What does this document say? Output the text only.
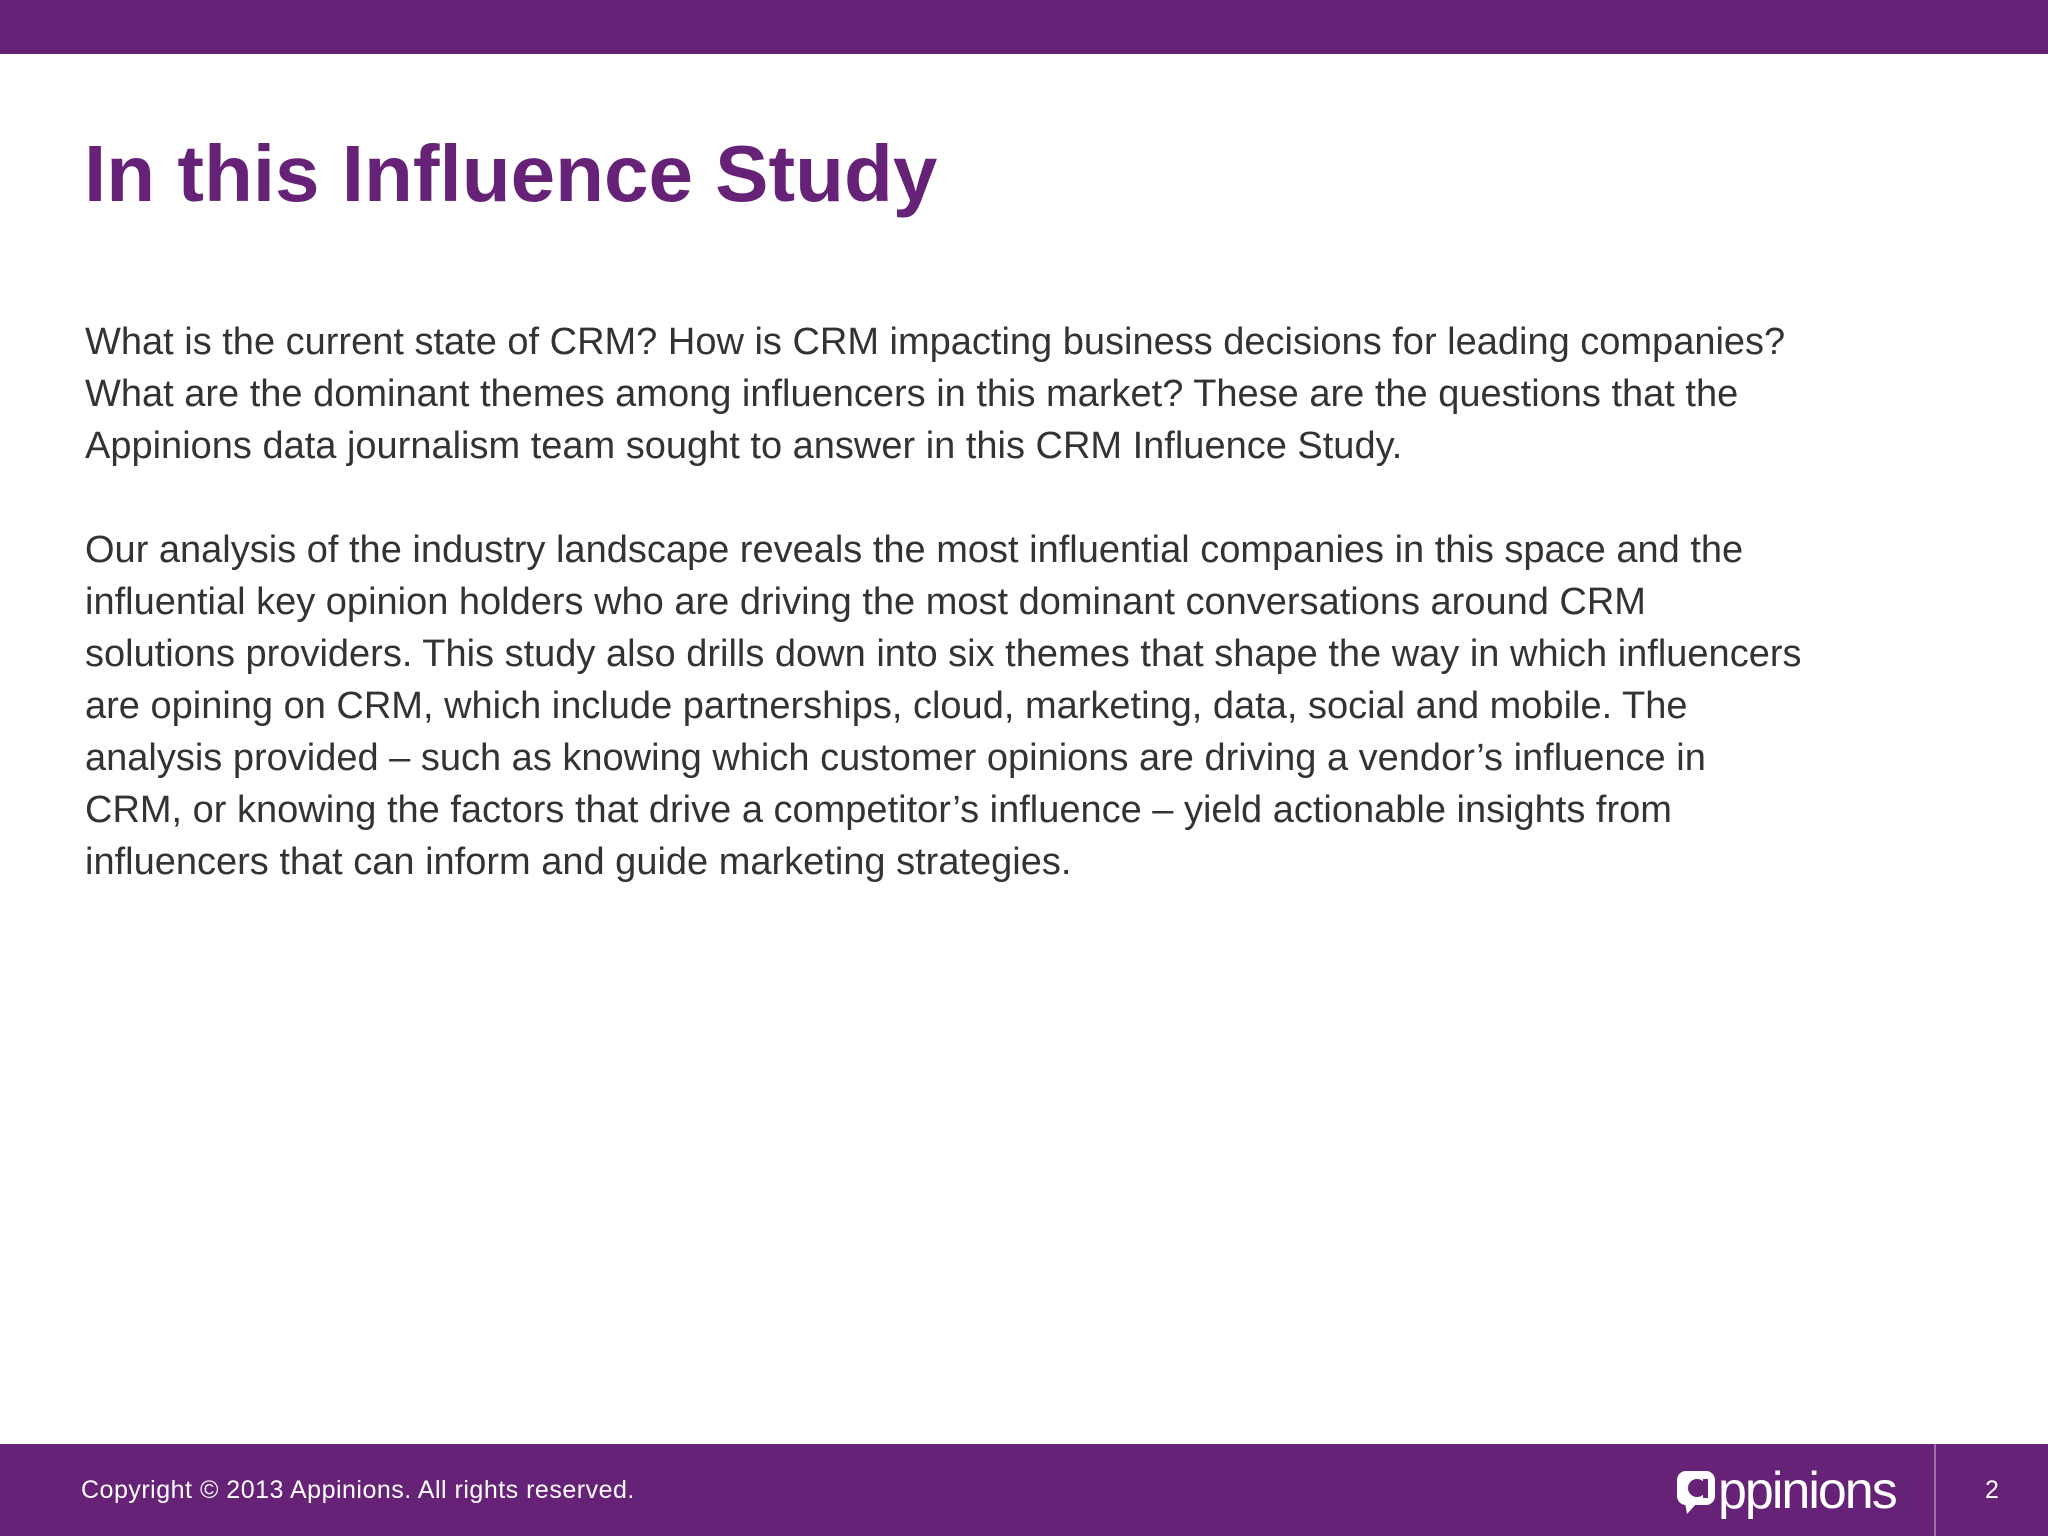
In this Influence Study

What is the current state of CRM? How is CRM impacting business decisions for leading companies?
What are the dominant themes among influencers in this market? These are the questions that the
Appinions data journalism team sought to answer in this CRM Influence Study.

Our analysis of the industry landscape reveals the most influential companies in this space and the
influential key opinion holders who are driving the most dominant conversations around CRM
solutions providers. This study also drills down into six themes that shape the way in which influencers
are opining on CRM, which include partnerships, cloud, marketing, data, social and mobile. The
analysis provided – such as knowing which customer opinions are driving a vendor’s influence in
CRM, or knowing the factors that drive a competitor’s influence – yield actionable insights from
influencers that can inform and guide marketing strategies.

Copyright © 2013 Appinions. All rights reserved.	ppinions	2
